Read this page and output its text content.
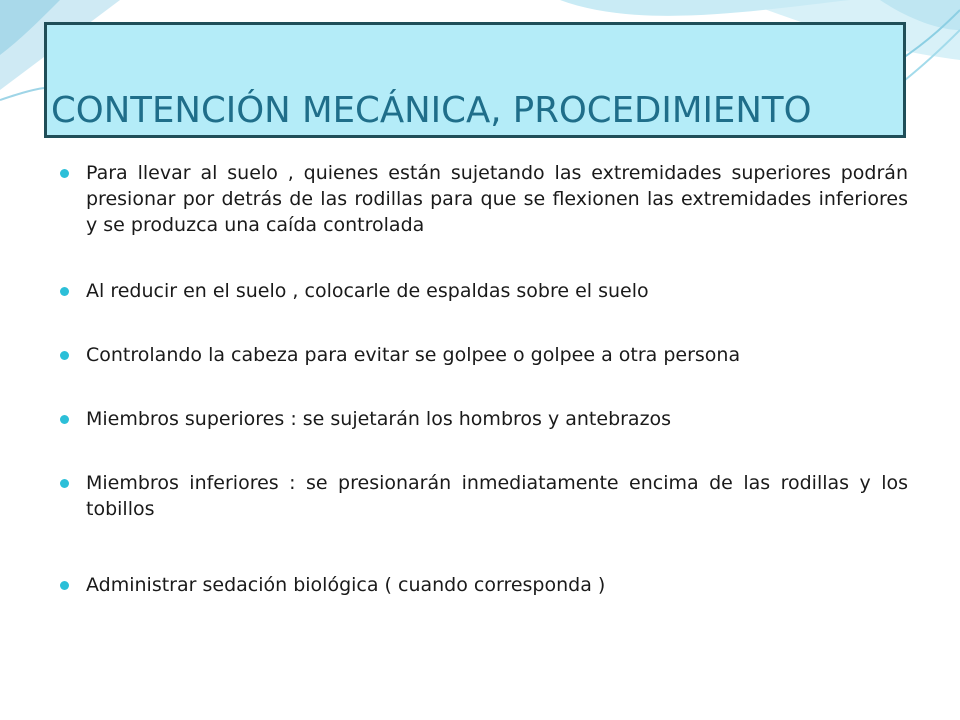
CONTENCIÓN MECÁNICA, PROCEDIMIENTO
Para llevar al suelo , quienes están sujetando las extremidades superiores podrán presionar por detrás de las rodillas para que se flexionen las extremidades inferiores y se produzca una caída controlada
Al reducir en el suelo , colocarle de espaldas sobre el suelo
Controlando la cabeza para evitar se golpee o golpee a otra persona
Miembros superiores : se sujetarán los hombros y antebrazos
Miembros inferiores : se presionarán inmediatamente encima de las rodillas y los tobillos
Administrar sedación biológica ( cuando corresponda )
